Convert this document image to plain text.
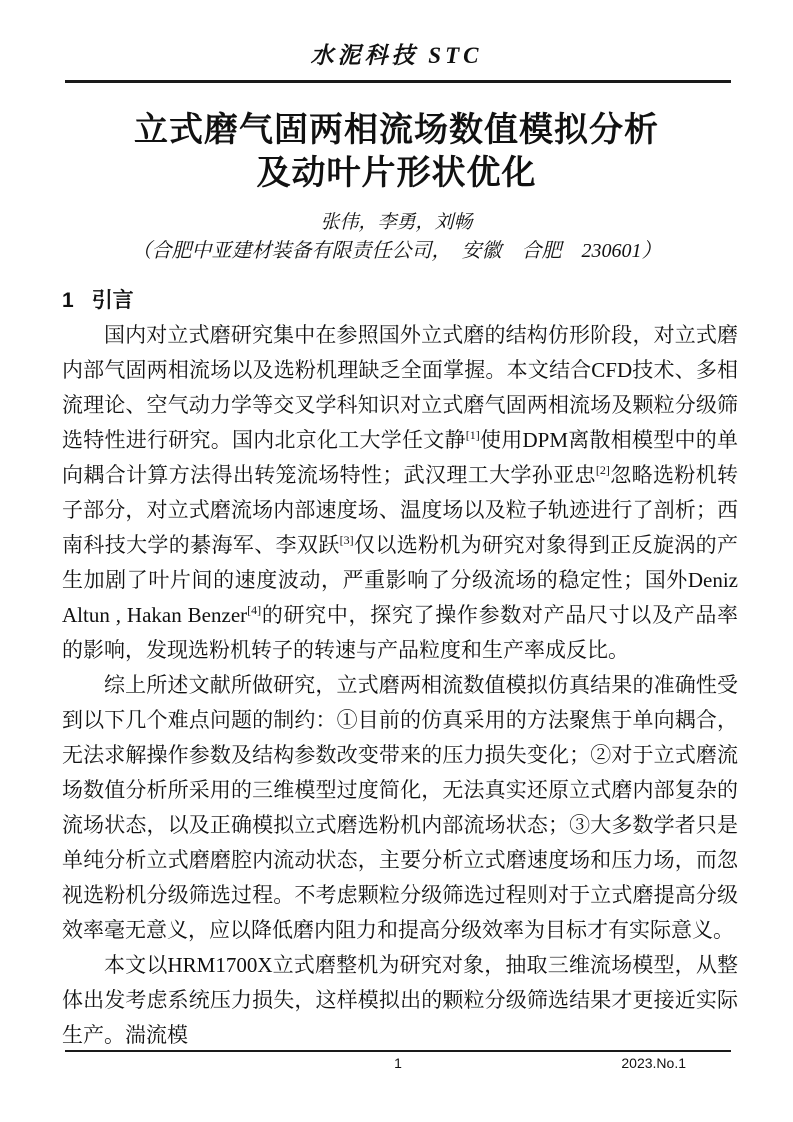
水泥科技 STC
立式磨气固两相流场数值模拟分析
及动叶片形状优化
张伟，李勇，刘畅
（合肥中亚建材装备有限责任公司，　安徽　合肥　230601）
1 引言

国内对立式磨研究集中在参照国外立式磨的结构仿形阶段，对立式磨内部气固两相流场以及选粉机理缺乏全面掌握。本文结合CFD技术、多相流理论、空气动力学等交叉学科知识对立式磨气固两相流场及颗粒分级筛选特性进行研究。国内北京化工大学任文静[1]使用DPM离散相模型中的单向耦合计算方法得出转笼流场特性；武汉理工大学孙亚忠[2]忽略选粉机转子部分，对立式磨流场内部速度场、温度场以及粒子轨迹进行了剖析；西南科技大学的綦海军、李双跃[3]仅以选粉机为研究对象得到正反旋涡的产生加剧了叶片间的速度波动，严重影响了分级流场的稳定性；国外Deniz Altun , Hakan Benzer[4]的研究中，探究了操作参数对产品尺寸以及产品率的影响，发现选粉机转子的转速与产品粒度和生产率成反比。

综上所述文献所做研究，立式磨两相流数值模拟仿真结果的准确性受到以下几个难点问题的制约：①目前的仿真采用的方法聚焦于单向耦合，无法求解操作参数及结构参数改变带来的压力损失变化；②对于立式磨流场数值分析所采用的三维模型过度简化，无法真实还原立式磨内部复杂的流场状态，以及正确模拟立式磨选粉机内部流场状态；③大多数学者只是单纯分析立式磨磨腔内流动状态，主要分析立式磨速度场和压力场，而忽视选粉机分级筛选过程。不考虑颗粒分级筛选过程则对于立式磨提高分级效率毫无意义，应以降低磨内阻力和提高分级效率为目标才有实际意义。

本文以HRM1700X立式磨整机为研究对象，抽取三维流场模型，从整体出发考虑系统压力损失，这样模拟出的颗粒分级筛选结果才更接近实际生产。湍流模

1	2023.No.1
